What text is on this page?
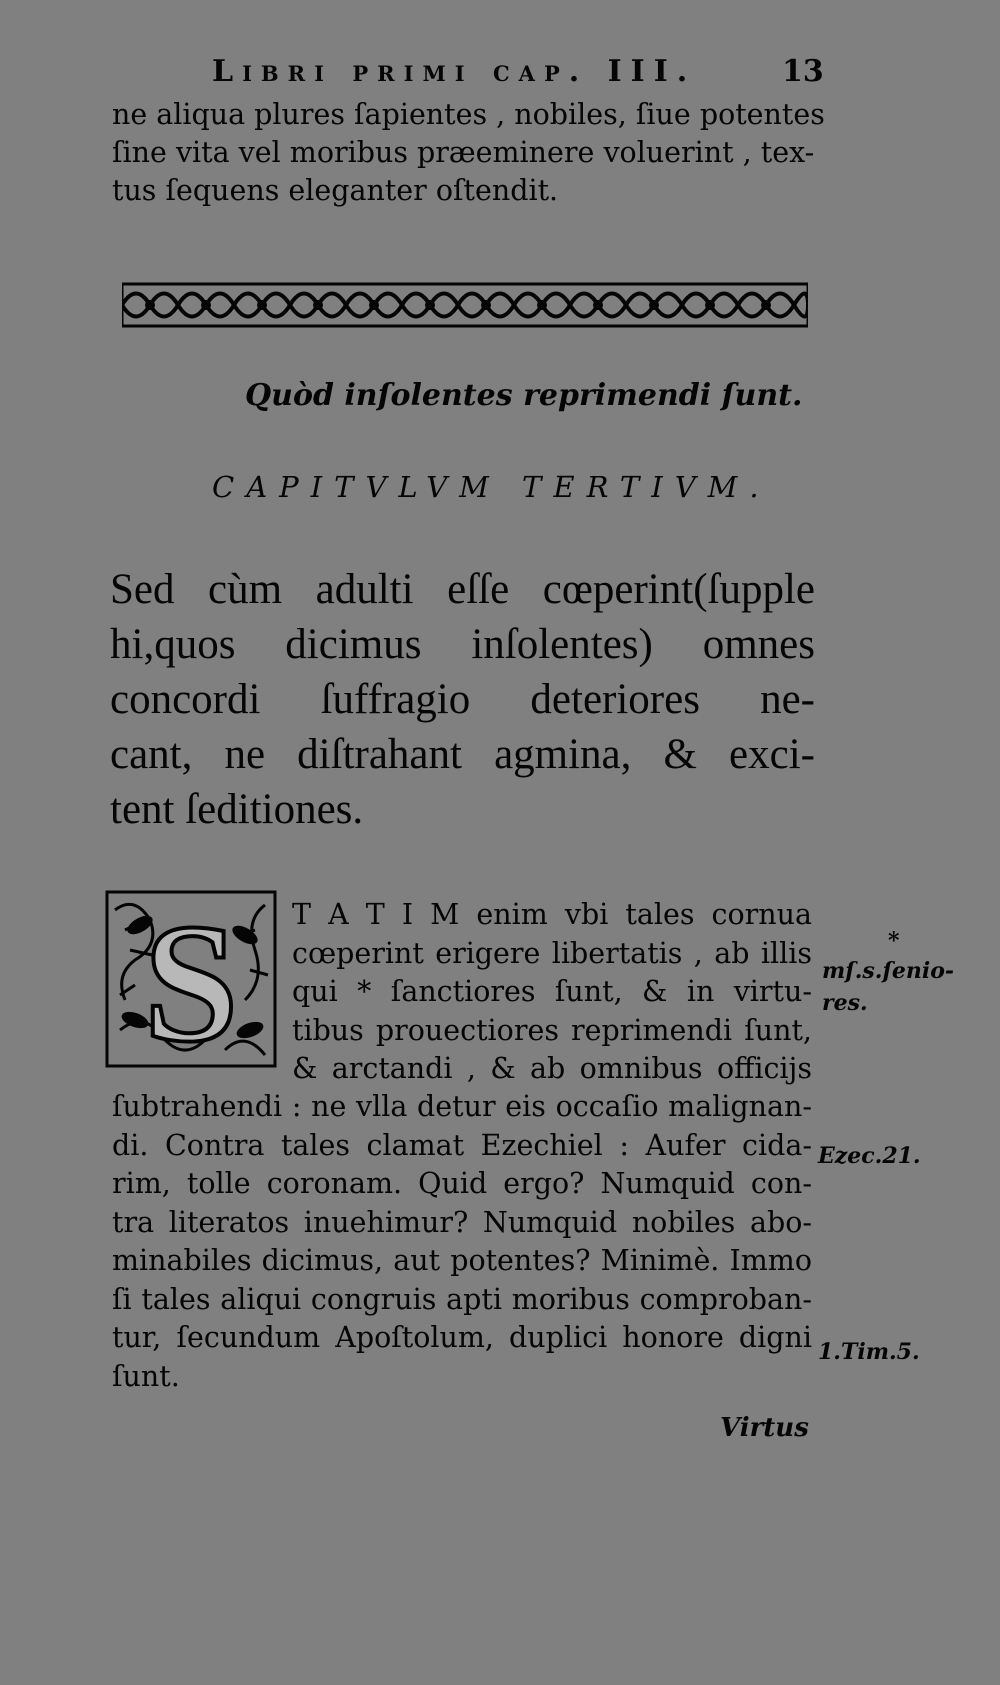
Libri primi cap. III.	13
ne aliqua plures ſapientes , nobiles, ſiue potentes
ſine vita vel moribus præeminere voluerint , tex-
tus ſequens eleganter oſtendit.
Quòd inſolentes reprimendi ſunt.
CAPITVLVM TERTIVM.
Sed cùm adulti eſſe cœperint(ſupple
hi,quos dicimus inſolentes) omnes
concordi ſuffragio deteriores ne-
cant, ne diſtrahant agmina, & exci-
tent ſeditiones.
S T A T I M enim vbi tales cornua
cœperint erigere libertatis , ab illis
qui * ſanctiores ſunt, & in virtu-
tibus prouectiores reprimendi ſunt,
& arctandi , & ab omnibus officijs
ſubtrahendi : ne vlla detur eis occaſio malignan-
di. Contra tales clamat Ezechiel : Aufer cida-
rim, tolle coronam. Quid ergo? Numquid con-
tra literatos inuehimur? Numquid nobiles abo-
minabiles dicimus, aut potentes? Minimè. Immo
ſi tales aliqui congruis apti moribus comproban-
tur, ſecundum Apoſtolum, duplici honore digni
ſunt.
*
mſ.s.ſenio-
res.
Ezec.21.
1.Tim.5.
Virtus
